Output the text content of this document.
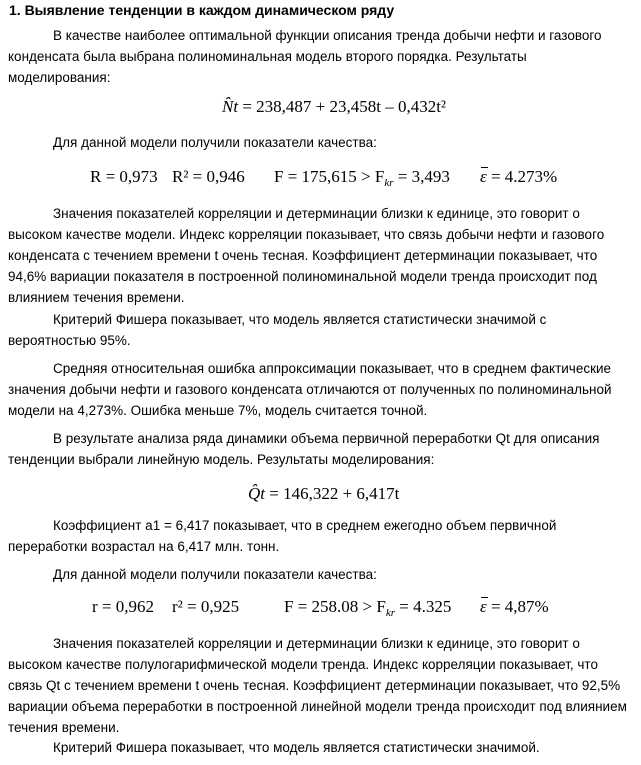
1. Выявление тенденции в каждом динамическом ряду

В качестве наиболее оптимальной функции описания тренда добычи нефти и газового конденсата была выбрана полиноминальная модель второго порядка. Результаты моделирования:

N̂t = 238,487 + 23,458t – 0,432t²

Для данной модели получили показатели качества:

R = 0,973 R² = 0,946 $F = 175,615 > F_{kr} = 3,493$ ε = 4.273%

Значения показателей корреляции и детерминации близки к единице, это говорит о высоком качестве модели. Индекс корреляции показывает, что связь добычи нефти и газового конденсата с течением времени t очень тесная. Коэффициент детерминации показывает, что 94,6% вариации показателя в построенной полиноминальной модели тренда происходит под влиянием течения времени.

Критерий Фишера показывает, что модель является статистически значимой с вероятностью 95%.

Средняя относительная ошибка аппроксимации показывает, что в среднем фактические значения добычи нефти и газового конденсата отличаются от полученных по полиноминальной модели на 4,273%. Ошибка меньше 7%, модель считается точной.

В результате анализа ряда динамики объема первичной переработки Qt для описания тенденции выбрали линейную модель. Результаты моделирования:

Q̂t = 146,322 + 6,417t

Коэффициент а1 = 6,417 показывает, что в среднем ежегодно объем первичной переработки возрастал на 6,417 млн. тонн.

Для данной модели получили показатели качества:

r = 0,962 r² = 0,925	$F = 258.08 > F_{kr} = 4.325$ ε = 4,87%

Значения показателей корреляции и детерминации близки к единице, это говорит о высоком качестве полулогарифмической модели тренда. Индекс корреляции показывает, что связь Qt с течением времени t очень тесная. Коэффициент детерминации показывает, что 92,5% вариации объема переработки в построенной линейной модели тренда происходит под влиянием течения времени.

Критерий Фишера показывает, что модель является статистически значимой.
